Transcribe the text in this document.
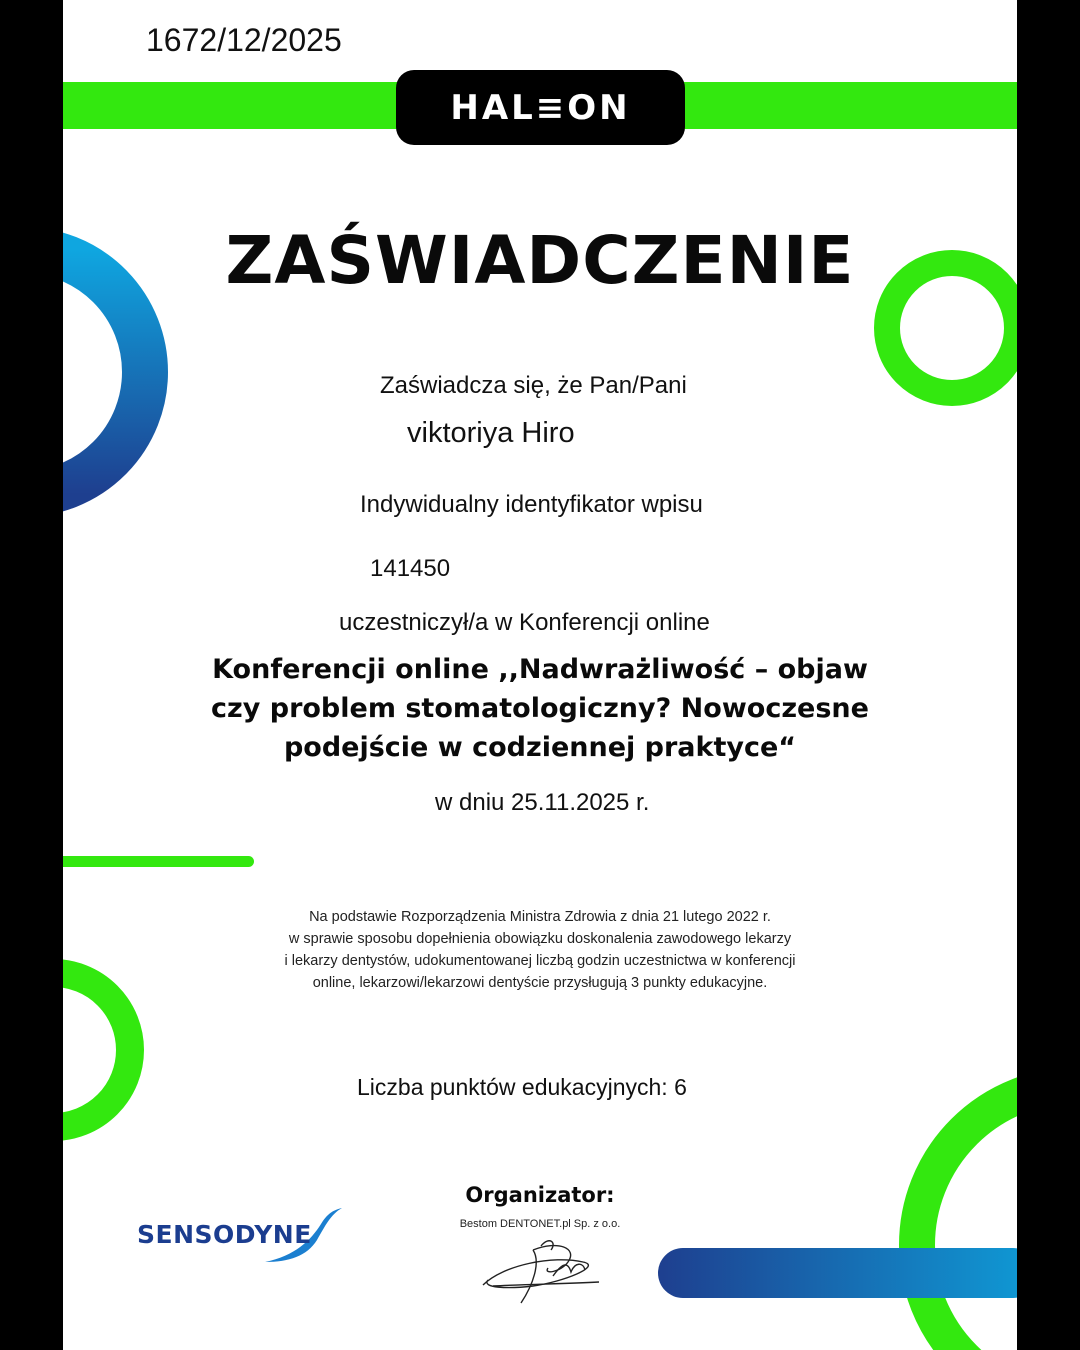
1672/12/2025
HAL≡ON
ZAŚWIADCZENIE
Zaświadcza się, że Pan/Pani
viktoriya Hiro
Indywidualny identyfikator wpisu
141450
uczestniczył/a w Konferencji online
Konferencji online ,,Nadwrażliwość – objaw
czy problem stomatologiczny? Nowoczesne
podejście w codziennej praktyce“
w dniu 25.11.2025 r.
Na podstawie Rozporządzenia Ministra Zdrowia z dnia 21 lutego 2022 r.
w sprawie sposobu dopełnienia obowiązku doskonalenia zawodowego lekarzy
i lekarzy dentystów, udokumentowanej liczbą godzin uczestnictwa w konferencji
online, lekarzowi/lekarzowi dentyście przysługują 3 punkty edukacyjne.
Liczba punktów edukacyjnych: 6
Organizator:
Bestom DENTONET.pl Sp. z o.o.
SENSODYNE
